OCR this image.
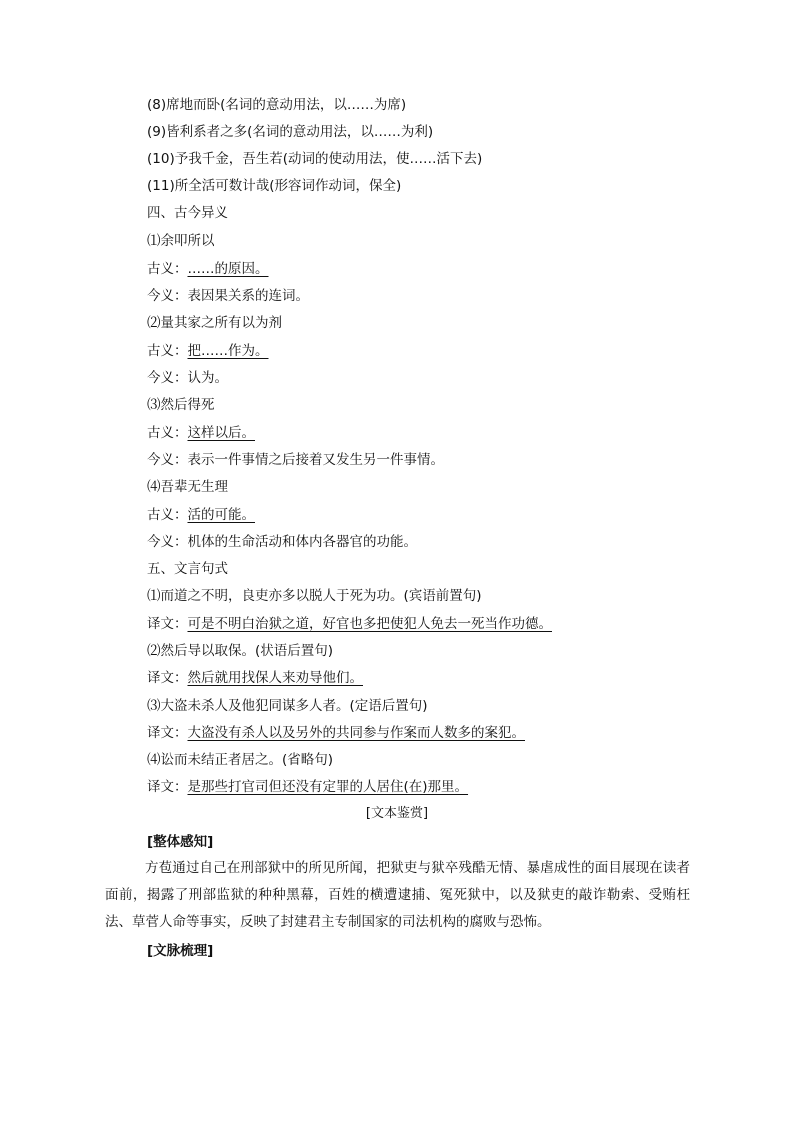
(8)席地而卧(名词的意动用法，以……为席)
(9)皆利系者之多(名词的意动用法，以……为利)
(10)予我千金，吾生若(动词的使动用法，使……活下去)
(11)所全活可数计哉(形容词作动词，保全)
四、古今异义
⑴余叩所以
古义：……的原因。
今义：表因果关系的连词。
⑵量其家之所有以为剂
古义：把……作为。
今义：认为。
⑶然后得死
古义：这样以后。
今义：表示一件事情之后接着又发生另一件事情。
⑷吾辈无生理
古义：活的可能。
今义：机体的生命活动和体内各器官的功能。
五、文言句式
⑴而道之不明，良吏亦多以脱人于死为功。(宾语前置句)
译文：可是不明白治狱之道，好官也多把使犯人免去一死当作功德。
⑵然后导以取保。(状语后置句)
译文：然后就用找保人来劝导他们。
⑶大盗未杀人及他犯同谋多人者。(定语后置句)
译文：大盗没有杀人以及另外的共同参与作案而人数多的案犯。
⑷讼而未结正者居之。(省略句)
译文：是那些打官司但还没有定罪的人居住(在)那里。
[文本鉴赏]
[整体感知]
方苞通过自己在刑部狱中的所见所闻，把狱吏与狱卒残酷无情、暴虐成性的面目展现在读者面前，揭露了刑部监狱的种种黑幕，百姓的横遭逮捕、冤死狱中，以及狱吏的敲诈勒索、受贿枉法、草菅人命等事实，反映了封建君主专制国家的司法机构的腐败与恐怖。
[文脉梳理]
